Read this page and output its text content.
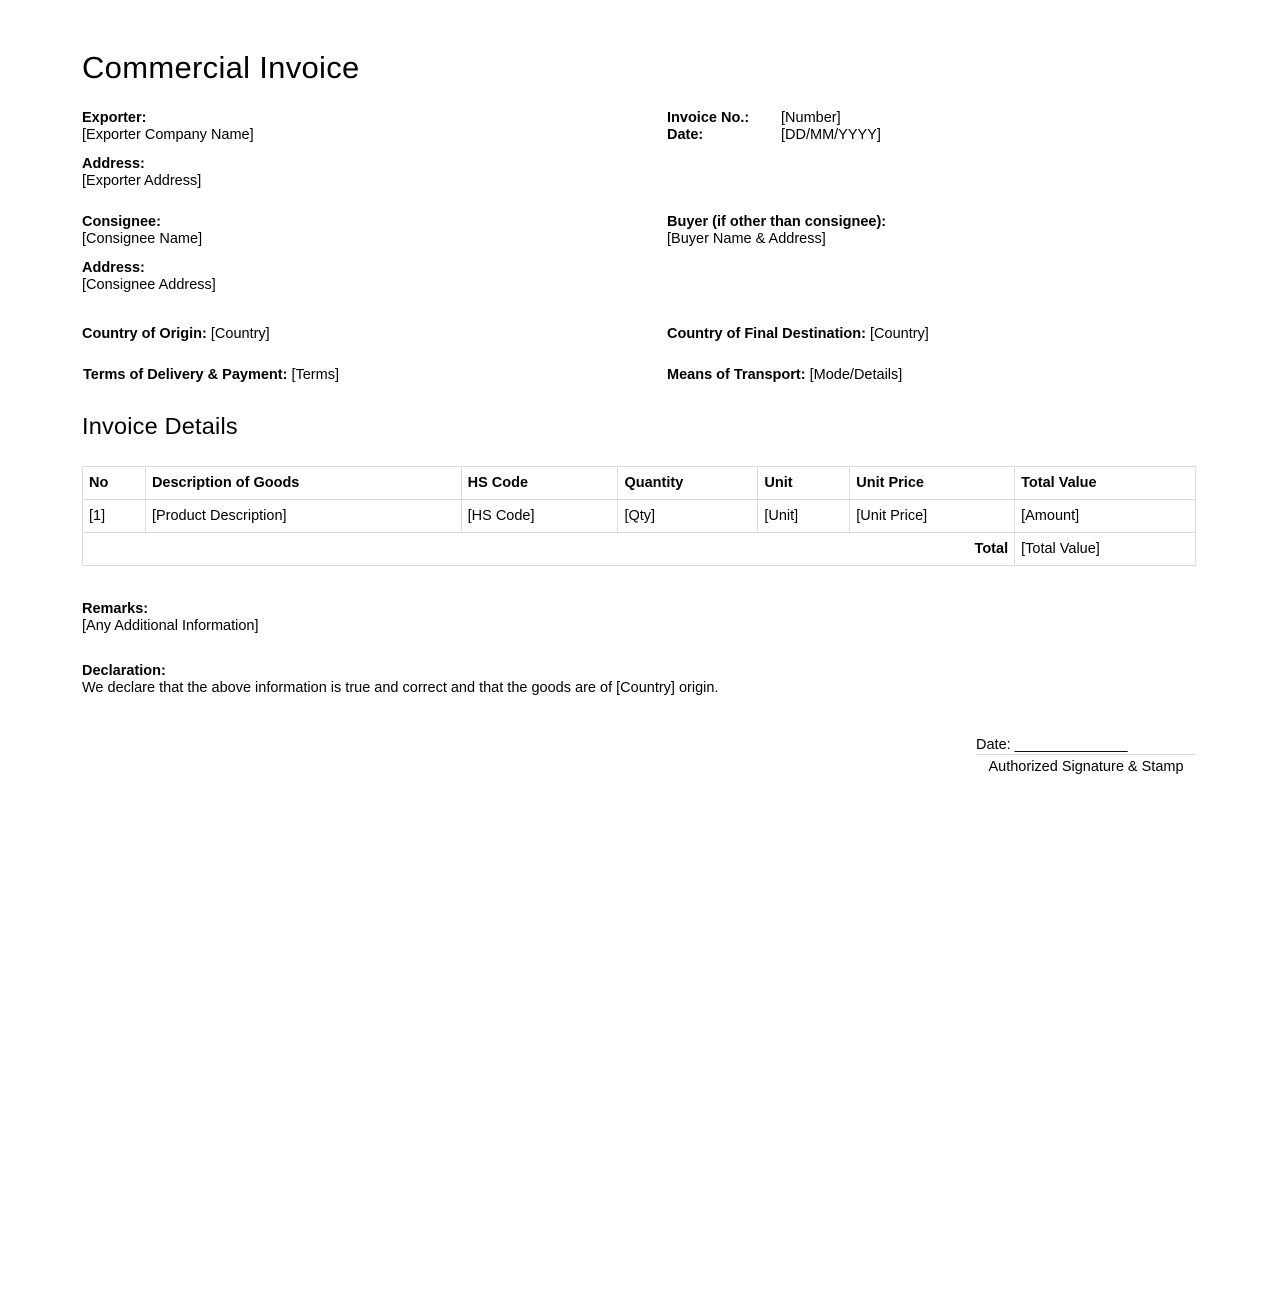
Commercial Invoice
Exporter:
[Exporter Company Name]
Address:
[Exporter Address]
Invoice No.:	[Number]
Date:	[DD/MM/YYYY]
Consignee:
[Consignee Name]
Address:
[Consignee Address]
Buyer (if other than consignee):
[Buyer Name & Address]
Country of Origin: [Country]	Country of Final Destination: [Country]
Terms of Delivery & Payment: [Terms]	Means of Transport: [Mode/Details]
Invoice Details
No	Description of Goods	HS Code	Quantity	Unit	Unit Price	Total Value
[1]	[Product Description]	[HS Code]	[Qty]	[Unit]	[Unit Price]	[Amount]
Total						[Total Value]
Remarks:
[Any Additional Information]
Declaration:
We declare that the above information is true and correct and that the goods are of [Country] origin.
Date: ______________
Authorized Signature & Stamp
